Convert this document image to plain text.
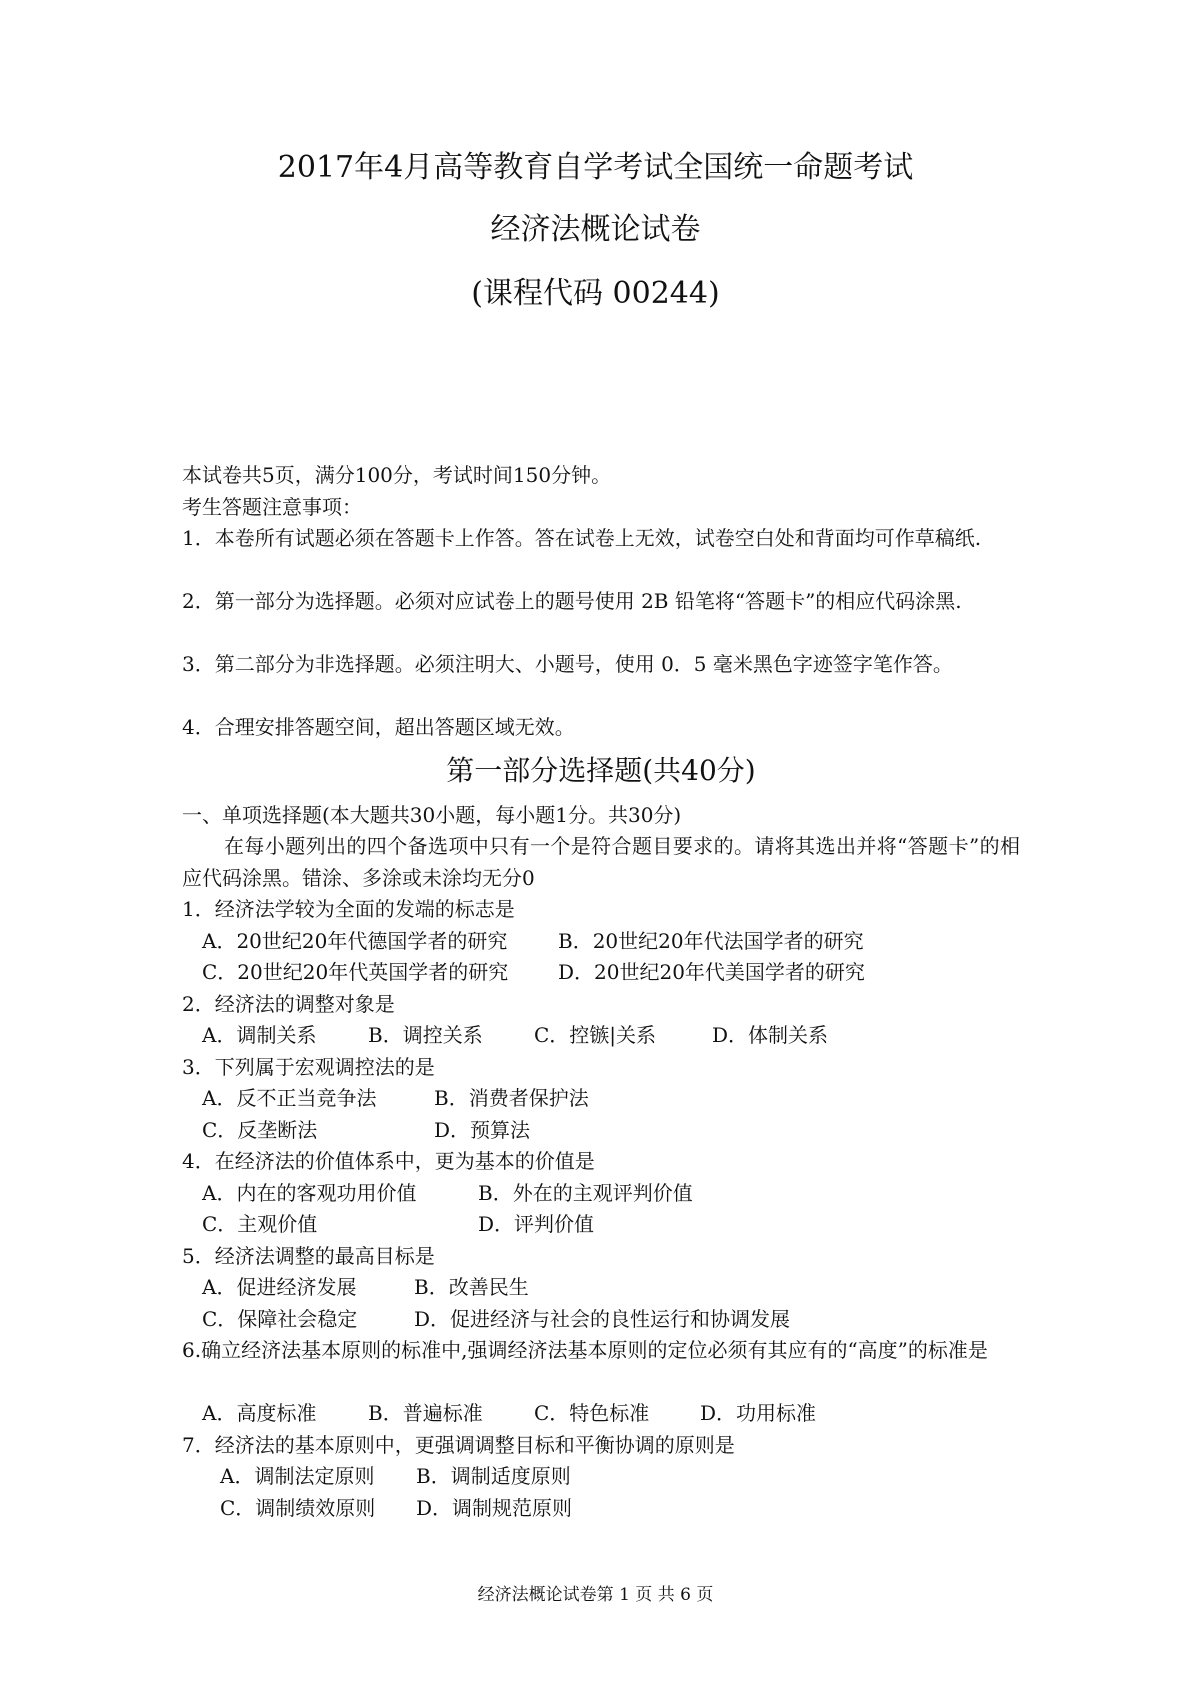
2017年4月高等教育自学考试全国统一命题考试
经济法概论试卷
(课程代码 00244)
本试卷共5页，满分100分，考试时间150分钟。
考生答题注意事项：
1．本卷所有试题必须在答题卡上作答。答在试卷上无效，试卷空白处和背面均可作草稿纸.
2．第一部分为选择题。必须对应试卷上的题号使用 2B 铅笔将“答题卡”的相应代码涂黑.
3．第二部分为非选择题。必须注明大、小题号，使用 0．5 毫米黑色字迹签字笔作答。
4．合理安排答题空间，超出答题区域无效。
第一部分选择题(共40分)
一、单项选择题(本大题共30小题，每小题1分。共30分)
在每小题列出的四个备选项中只有一个是符合题目要求的。请将其选出并将“答题卡”的相应代码涂黑。错涂、多涂或未涂均无分0
1．经济法学较为全面的发端的标志是
A．20世纪20年代德国学者的研究	B．20世纪20年代法国学者的研究
C．20世纪20年代英国学者的研究 D．20世纪20年代美国学者的研究
2．经济法的调整对象是
A．调制关系	B．调控关系	C．控镞|关系	D．体制关系
3．下列属于宏观调控法的是
A．反不正当竞争法	B．消费者保护法
C．反垄断法	D．预算法
4．在经济法的价值体系中，更为基本的价值是
A．内在的客观功用价值	B．外在的主观评判价值
C．主观价值	D．评判价值
5．经济法调整的最高目标是
A．促进经济发展	B．改善民生
C．保障社会稳定	D．促进经济与社会的良性运行和协调发展
6.确立经济法基本原则的标准中,强调经济法基本原则的定位必须有其应有的“高度”的标准是
A．高度标准	B．普遍标准	C．特色标准	D．功用标准
7．经济法的基本原则中，更强调调整目标和平衡协调的原则是
A．调制法定原则 B．调制适度原则
C．调制绩效原则 D．调制规范原则
经济法概论试卷第 1 页 共 6 页
